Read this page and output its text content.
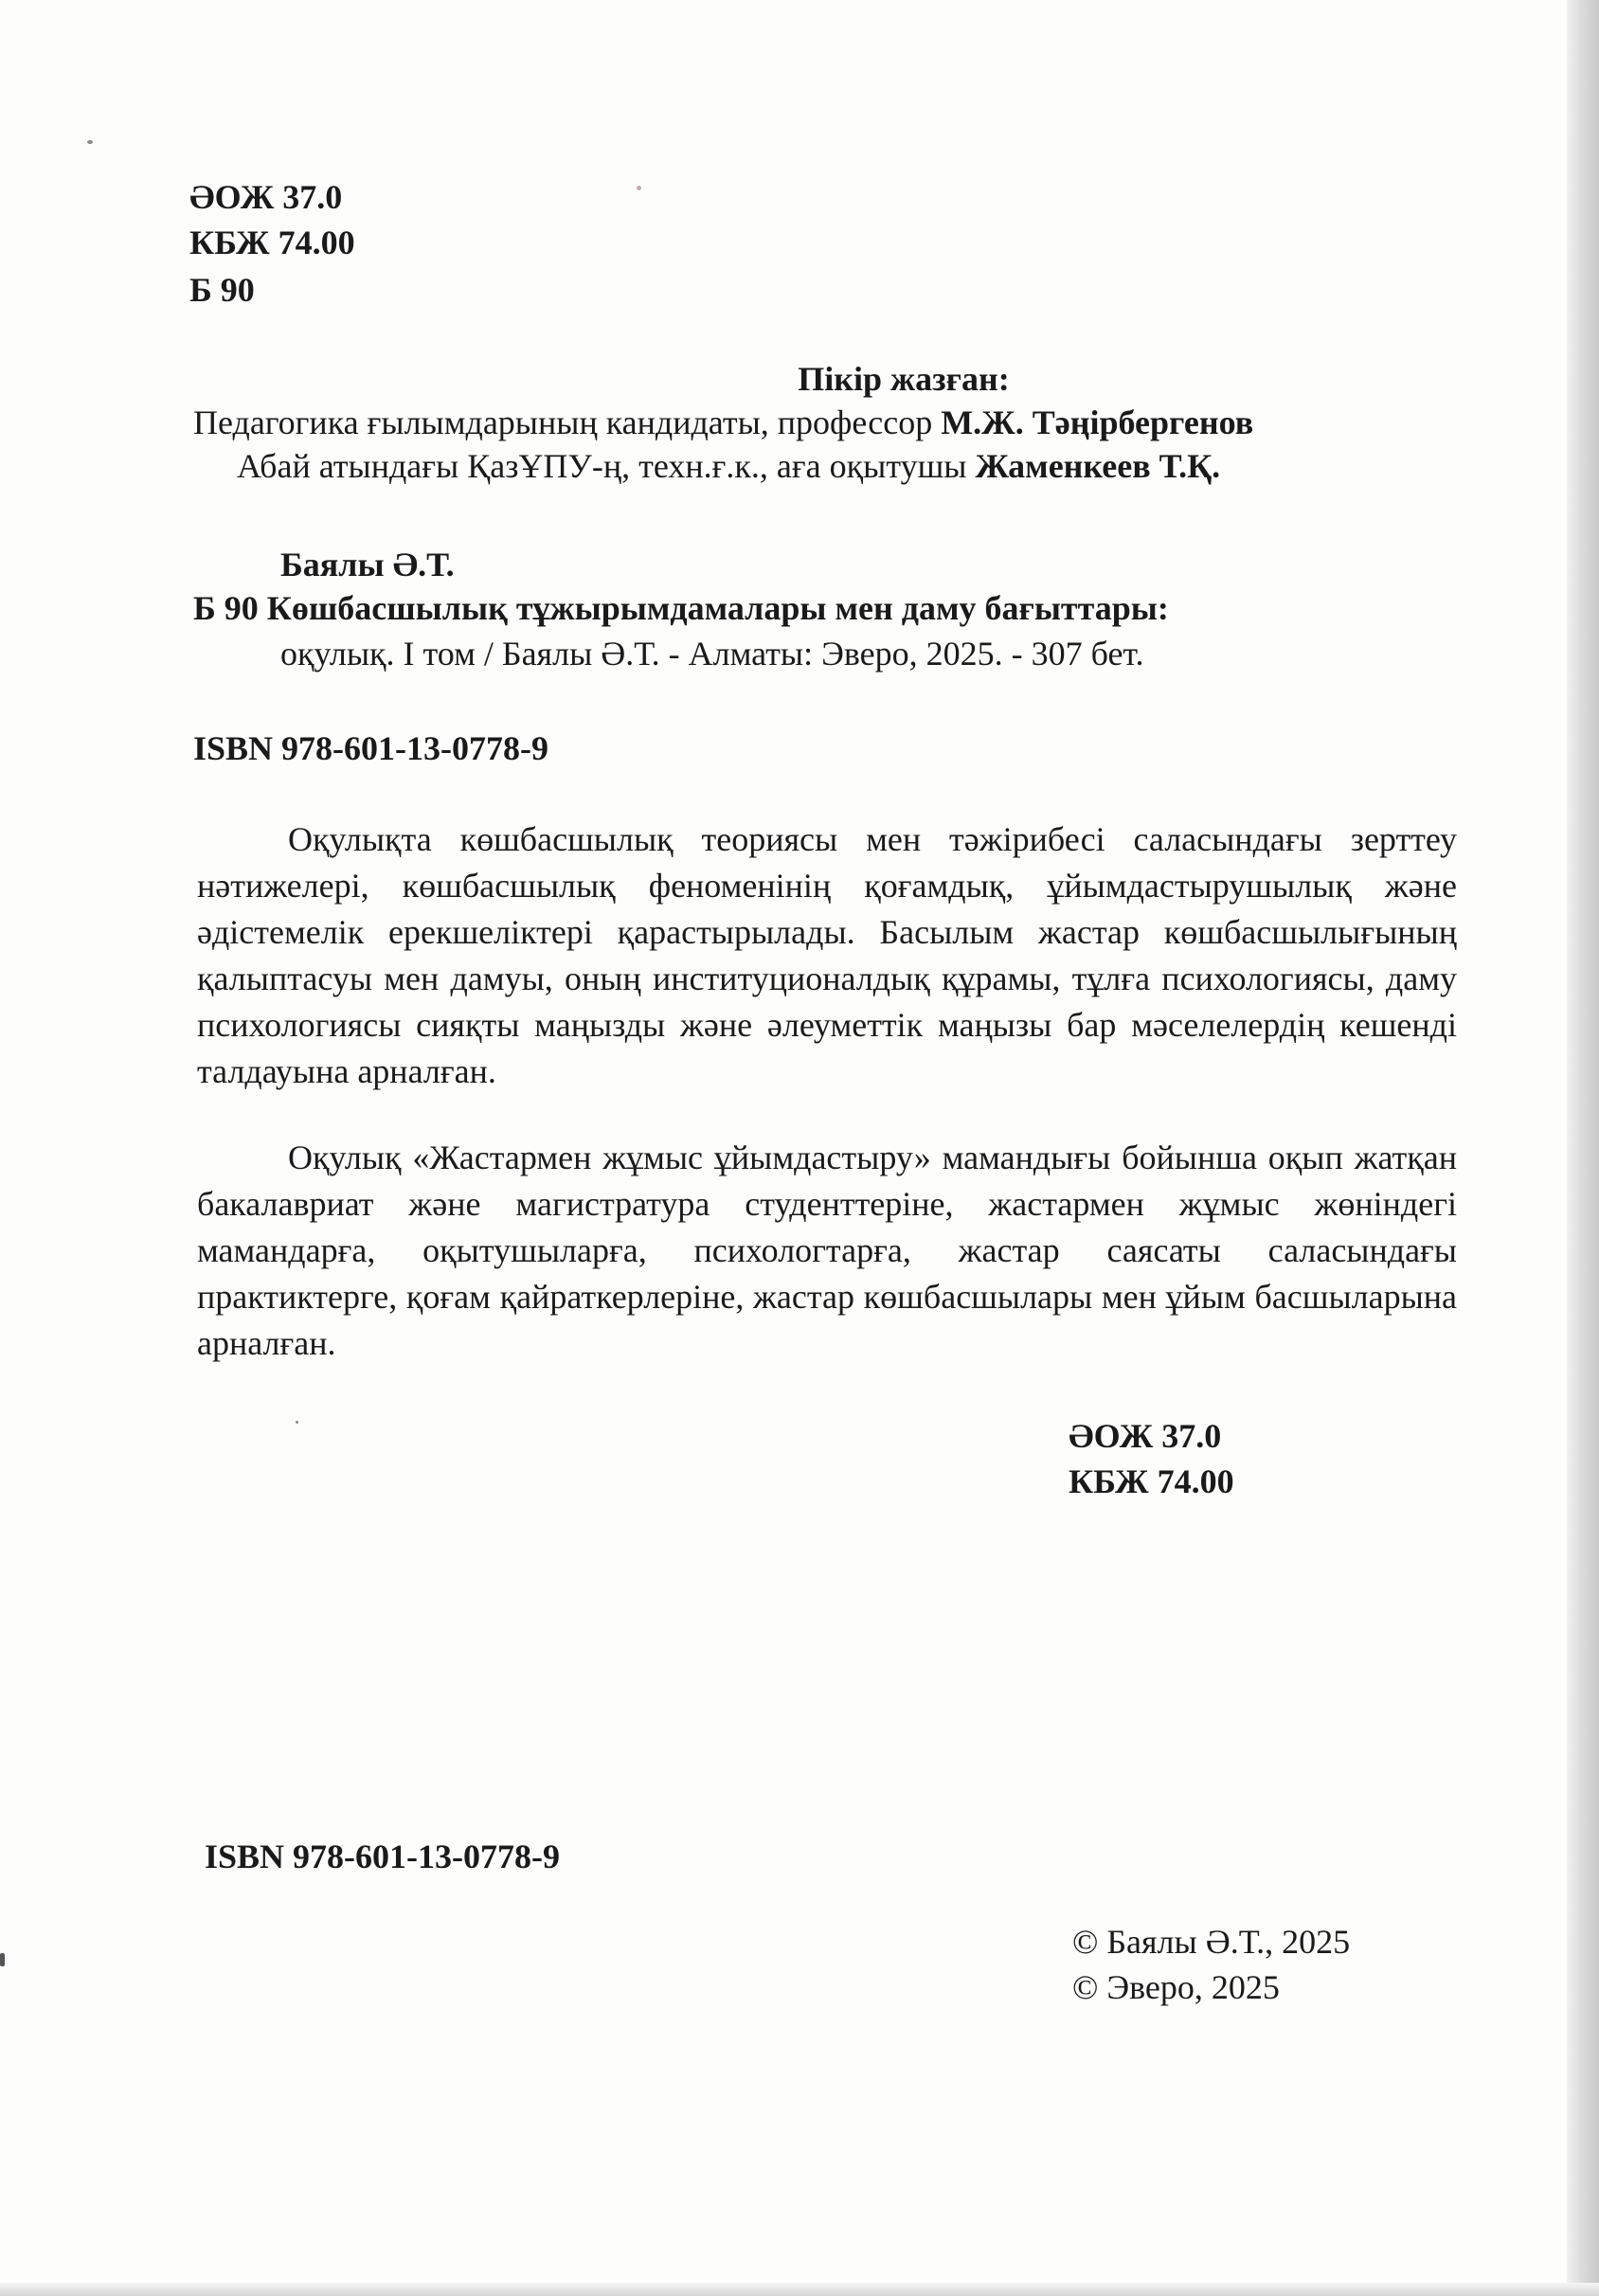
ӘОЖ 37.0
КБЖ 74.00
Б 90
Пікір жазған:
Педагогика ғылымдарының кандидаты, профессор М.Ж. Тәңірбергенов
Абай атындағы ҚазҰПУ-ң, техн.ғ.к., аға оқытушы Жаменкеев Т.Қ.
Баялы Ә.Т.
Б 90 Көшбасшылық тұжырымдамалары мен даму бағыттары:
оқулық. І том / Баялы Ә.Т. - Алматы: Эверо, 2025. - 307 бет.
ISBN 978-601-13-0778-9
Оқулықта көшбасшылық теориясы мен тәжірибесі саласындағы зерттеу нәтижелері, көшбасшылық феноменінің қоғамдық, ұйымдастырушылық және әдістемелік ерекшеліктері қарастырылады. Басылым жастар көшбасшылығының қалыптасуы мен дамуы, оның институционалдық құрамы, тұлға психологиясы, даму психологиясы сияқты маңызды және әлеуметтік маңызы бар мәселелердің кешенді талдауына арналған.
Оқулық «Жастармен жұмыс ұйымдастыру» мамандығы бойынша оқып жатқан бакалавриат және магистратура студенттеріне, жастармен жұмыс жөніндегі мамандарға, оқытушыларға, психологтарға, жастар саясаты саласындағы практиктерге, қоғам қайраткерлеріне, жастар көшбасшылары мен ұйым басшыларына арналған.
ӘОЖ 37.0
КБЖ 74.00
ISBN 978-601-13-0778-9
© Баялы Ә.Т., 2025
© Эверо, 2025
